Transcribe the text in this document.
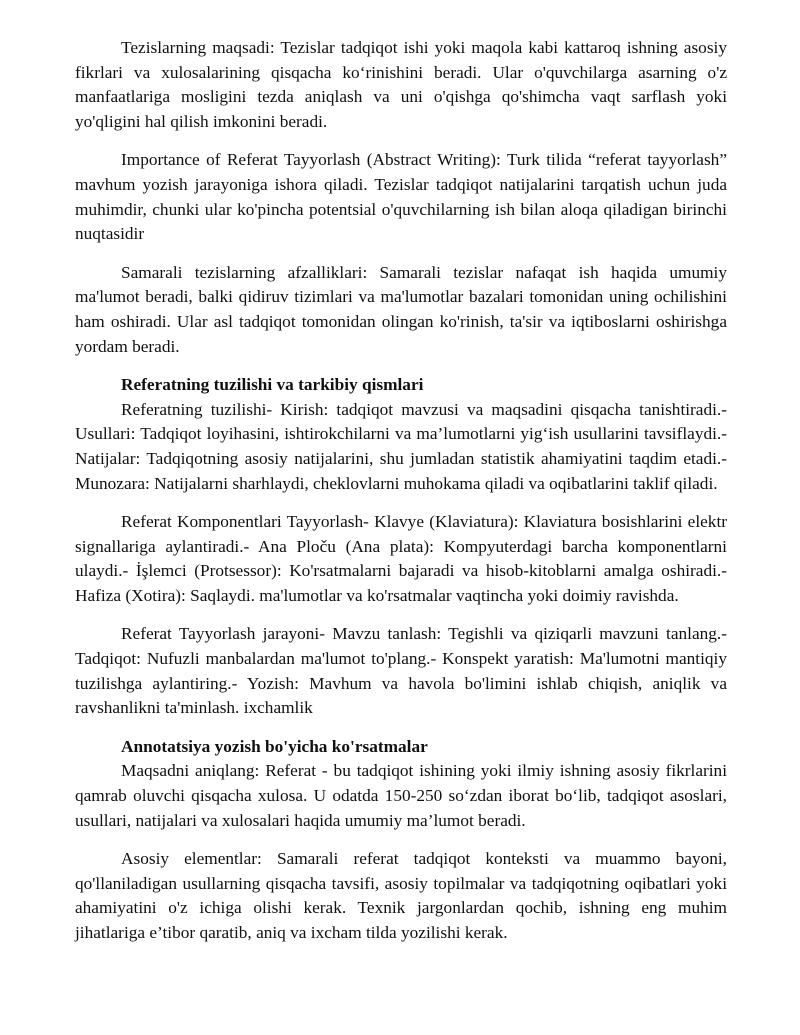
Tezislarning maqsadi: Tezislar tadqiqot ishi yoki maqola kabi kattaroq ishning asosiy fikrlari va xulosalarining qisqacha ko‘rinishini beradi. Ular o'quvchilarga asarning o'z manfaatlariga mosligini tezda aniqlash va uni o'qishga qo'shimcha vaqt sarflash yoki yo'qligini hal qilish imkonini beradi.

Importance of Referat Tayyorlash (Abstract Writing): Turk tilida “referat tayyorlash” mavhum yozish jarayoniga ishora qiladi. Tezislar tadqiqot natijalarini tarqatish uchun juda muhimdir, chunki ular ko'pincha potentsial o'quvchilarning ish bilan aloqa qiladigan birinchi nuqtasidir

Samarali tezislarning afzalliklari: Samarali tezislar nafaqat ish haqida umumiy ma'lumot beradi, balki qidiruv tizimlari va ma'lumotlar bazalari tomonidan uning ochilishini ham oshiradi. Ular asl tadqiqot tomonidan olingan ko'rinish, ta'sir va iqtiboslarni oshirishga yordam beradi.

Referatning tuzilishi va tarkibiy qismlari

Referatning tuzilishi- Kirish: tadqiqot mavzusi va maqsadini qisqacha tanishtiradi.- Usullari: Tadqiqot loyihasini, ishtirokchilarni va ma’lumotlarni yig‘ish usullarini tavsiflaydi.- Natijalar: Tadqiqotning asosiy natijalarini, shu jumladan statistik ahamiyatini taqdim etadi.- Munozara: Natijalarni sharhlaydi, cheklovlarni muhokama qiladi va oqibatlarini taklif qiladi.

Referat Komponentlari Tayyorlash- Klavye (Klaviatura): Klaviatura bosishlarini elektr signallariga aylantiradi.- Ana Ploču (Ana plata): Kompyuterdagi barcha komponentlarni ulaydi.- İşlemci (Protsessor): Ko'rsatmalarni bajaradi va hisob-kitoblarni amalga oshiradi.- Hafiza (Xotira): Saqlaydi. ma'lumotlar va ko'rsatmalar vaqtincha yoki doimiy ravishda.

Referat Tayyorlash jarayoni- Mavzu tanlash: Tegishli va qiziqarli mavzuni tanlang.- Tadqiqot: Nufuzli manbalardan ma'lumot to'plang.- Konspekt yaratish: Ma'lumotni mantiqiy tuzilishga aylantiring.- Yozish: Mavhum va havola bo'limini ishlab chiqish, aniqlik va ravshanlikni ta'minlash. ixchamlik

Annotatsiya yozish bo'yicha ko'rsatmalar

Maqsadni aniqlang: Referat - bu tadqiqot ishining yoki ilmiy ishning asosiy fikrlarini qamrab oluvchi qisqacha xulosa. U odatda 150-250 so‘zdan iborat bo‘lib, tadqiqot asoslari, usullari, natijalari va xulosalari haqida umumiy ma’lumot beradi.

Asosiy elementlar: Samarali referat tadqiqot konteksti va muammo bayoni, qo'llaniladigan usullarning qisqacha tavsifi, asosiy topilmalar va tadqiqotning oqibatlari yoki ahamiyatini o'z ichiga olishi kerak. Texnik jargonlardan qochib, ishning eng muhim jihatlariga e’tibor qaratib, aniq va ixcham tilda yozilishi kerak.
